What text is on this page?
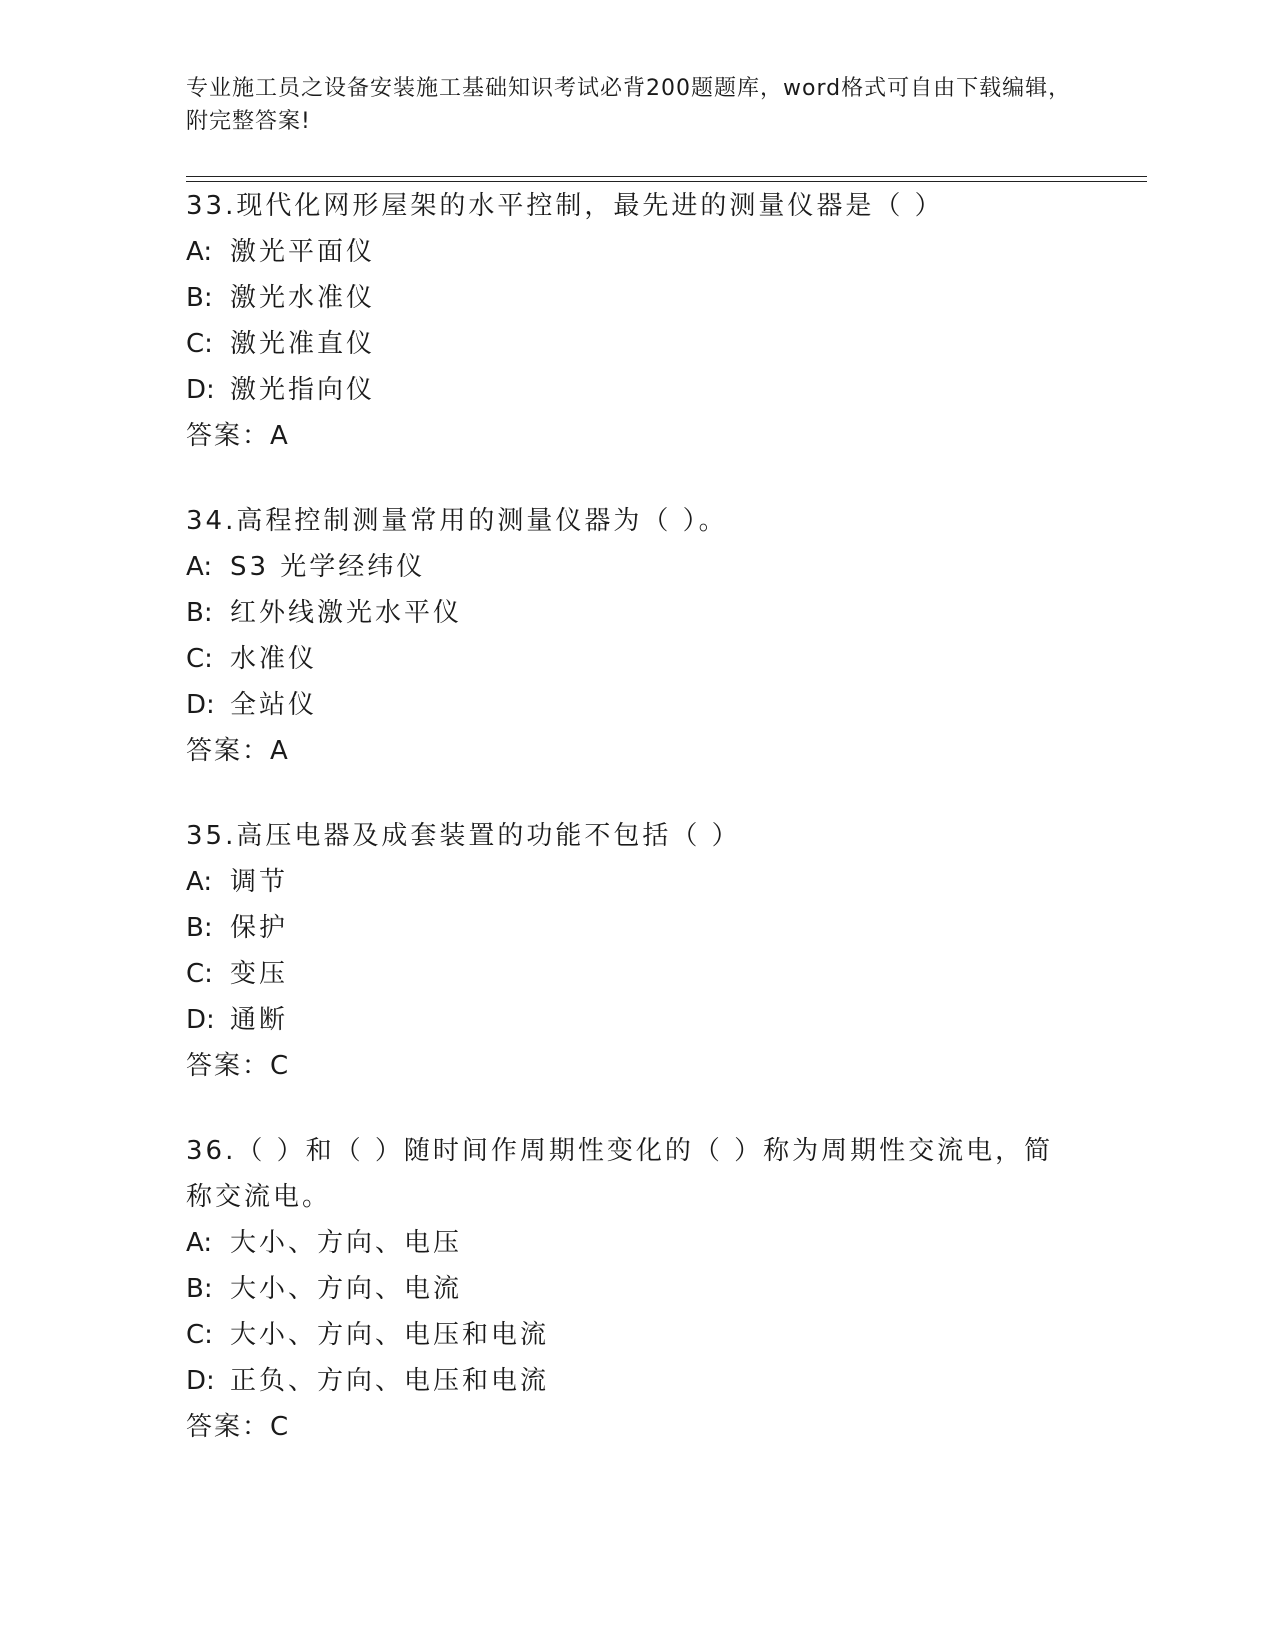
专业施工员之设备安装施工基础知识考试必背200题题库，word格式可自由下载编辑，附完整答案!
33.现代化网形屋架的水平控制，最先进的测量仪器是（ ）
A: 激光平面仪
B: 激光水准仪
C: 激光准直仪
D: 激光指向仪
答案：A
34.高程控制测量常用的测量仪器为（ ）。
A: S3 光学经纬仪
B: 红外线激光水平仪
C: 水准仪
D: 全站仪
答案：A
35.高压电器及成套装置的功能不包括（ ）
A: 调节
B: 保护
C: 变压
D: 通断
答案：C
36.（ ）和（ ）随时间作周期性变化的（ ）称为周期性交流电，简称交流电。
A: 大小、方向、电压
B: 大小、方向、电流
C: 大小、方向、电压和电流
D: 正负、方向、电压和电流
答案：C
